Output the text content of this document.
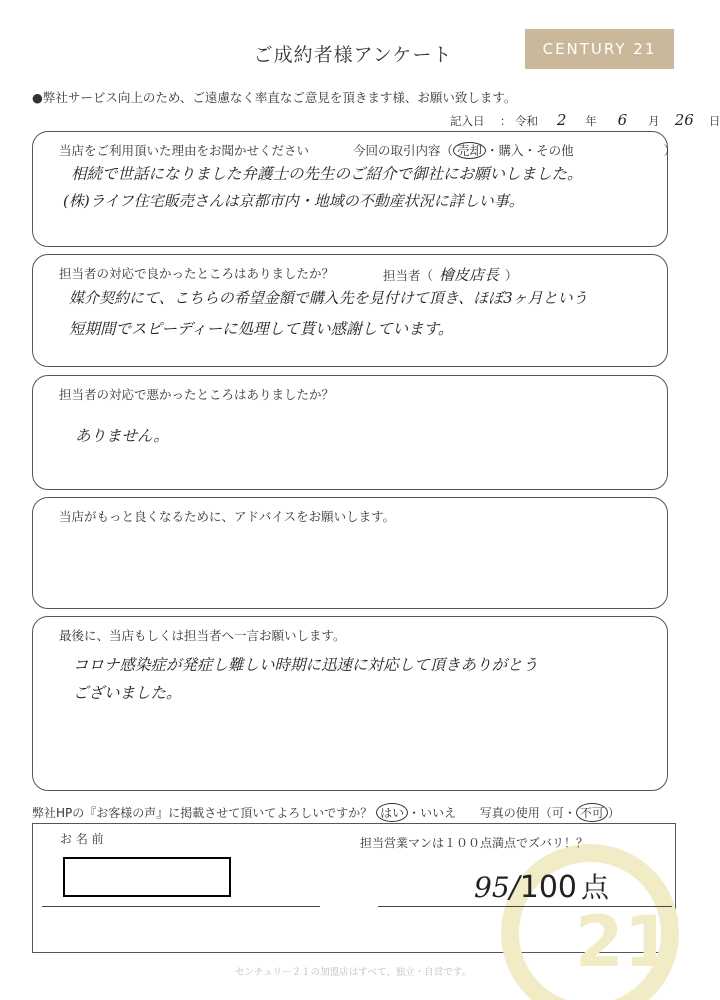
ご成約者様アンケート	CENTURY 21
●弊社サービス向上のため、ご遠慮なく率直なご意見を頂きます様、お願い致します。
記入日 ： 令和 2 年 6 月 26 日
当店をご利用頂いた理由をお聞かせください	今回の取引内容（ 売却 ・購入・その他	）
相続で世話になりました弁護士の先生のご紹介で御社にお願いしました。
(株)ライフ住宅販売さんは京都市内・地域の不動産状況に詳しい事。
担当者の対応で良かったところはありましたか？	担当者（ 檜皮店長 ）
媒介契約にて、こちらの希望金額で購入先を見付けて頂き、ほぼ3ヶ月という
短期間でスピーディーに処理して貰い感謝しています。
担当者の対応で悪かったところはありましたか？
ありません。
当店がもっと良くなるために、アドバイスをお願いします。
最後に、当店もしくは担当者へ一言お願いします。
コロナ感染症が発症し難しい時期に迅速に対応して頂きありがとう
ございました。
弊社HPの『お客様の声』に掲載させて頂いてよろしいですか？ はい ・いいえ 写真の使用（可・ 不可 ）
21
お 名 前	担当営業マンは１００点満点でズバリ！？
95/100 点
センチュリー２１の加盟店はすべて、独立・自営です。
